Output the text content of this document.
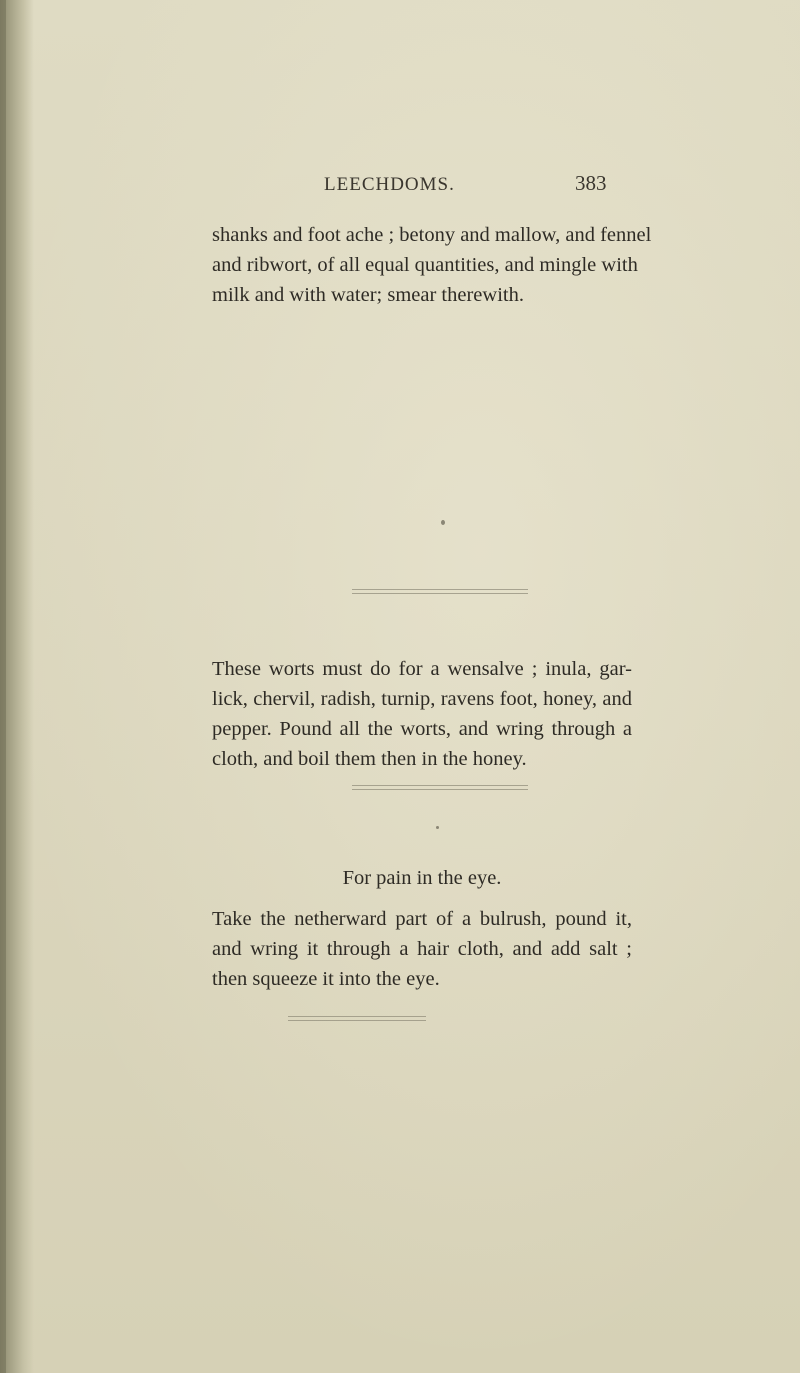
LEECHDOMS.	383
shanks and foot ache ; betony and mallow, and fennel
and ribwort, of all equal quantities, and mingle with
milk and with water; smear therewith.
These worts must do for a wensalve ; inula, gar-
lick, chervil, radish, turnip, ravens foot, honey, and
pepper. Pound all the worts, and wring through a
cloth, and boil them then in the honey.
For pain in the eye.
Take the netherward part of a bulrush, pound it,
and wring it through a hair cloth, and add salt ;
then squeeze it into the eye.
